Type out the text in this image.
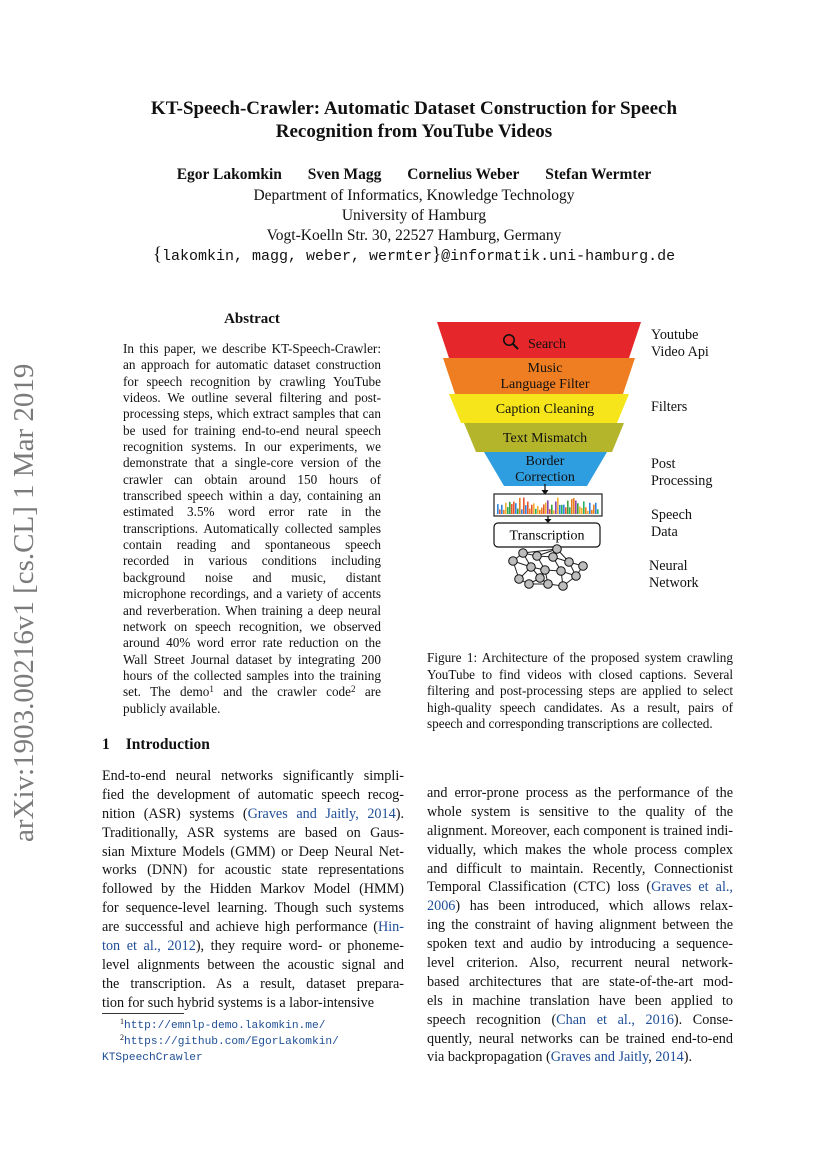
KT-Speech-Crawler: Automatic Dataset Construction for Speech
Recognition from YouTube Videos
Egor Lakomkin Sven Magg Cornelius Weber Stefan Wermter
Department of Informatics, Knowledge Technology
University of Hamburg
Vogt-Koelln Str. 30, 22527 Hamburg, Germany
{lakomkin, magg, weber, wermter}@informatik.uni-hamburg.de
arXiv:1903.00216v1 [cs.CL] 1 Mar 2019
Abstract
In this paper, we describe KT-Speech-Crawler: an approach for automatic dataset construction for speech recognition by crawling YouTube videos. We outline several filtering and post-processing steps, which extract samples that can be used for training end-to-end neural speech recognition systems. In our experiments, we demonstrate that a single-core version of the crawler can obtain around 150 hours of transcribed speech within a day, containing an estimated 3.5% word error rate in the transcriptions. Automatically collected samples contain reading and spontaneous speech recorded in various conditions including background noise and music, distant microphone recordings, and a variety of accents and reverberation. When training a deep neural network on speech recognition, we observed around 40% word error rate reduction on the Wall Street Journal dataset by integrating 200 hours of the collected samples into the training set. The demo$^1$ and the crawler code$^2$ are publicly available.
1 Introduction
End-to-end neural networks significantly simpli-
fied the development of automatic speech recog-
nition (ASR) systems (Graves and Jaitly, 2014).
Traditionally, ASR systems are based on Gaus-
sian Mixture Models (GMM) or Deep Neural Net-
works (DNN) for acoustic state representations
followed by the Hidden Markov Model (HMM)
for sequence-level learning. Though such systems
are successful and achieve high performance (Hin-
ton et al., 2012), they require word- or phoneme-
level alignments between the acoustic signal and
the transcription. As a result, dataset prepara-
tion for such hybrid systems is a labor-intensive
and error-prone process as the performance of the
whole system is sensitive to the quality of the
alignment. Moreover, each component is trained indi-
vidually, which makes the whole process complex
and difficult to maintain. Recently, Connectionist
Temporal Classification (CTC) loss (Graves et al.,
2006) has been introduced, which allows relax-
ing the constraint of having alignment between the
spoken text and audio by introducing a sequence-
level criterion. Also, recurrent neural network-
based architectures that are state-of-the-art mod-
els in machine translation have been applied to
speech recognition (Chan et al., 2016). Conse-
quently, neural networks can be trained end-to-end
via backpropagation (Graves and Jaitly, 2014).
$^1$http://emnlp-demo.lakomkin.me/
$^2$https://github.com/EgorLakomkin/
KTSpeechCrawler
Search
Music
Language Filter
Caption Cleaning
Text Mismatch
Border
Correction
Transcription
Youtube
Video Api
Filters
Post
Processing
Speech
Data
Neural
Network
Figure 1: Architecture of the proposed system crawling YouTube to find videos with closed captions. Several filtering and post-processing steps are applied to select high-quality speech candidates. As a result, pairs of speech and corresponding transcriptions are collected.
